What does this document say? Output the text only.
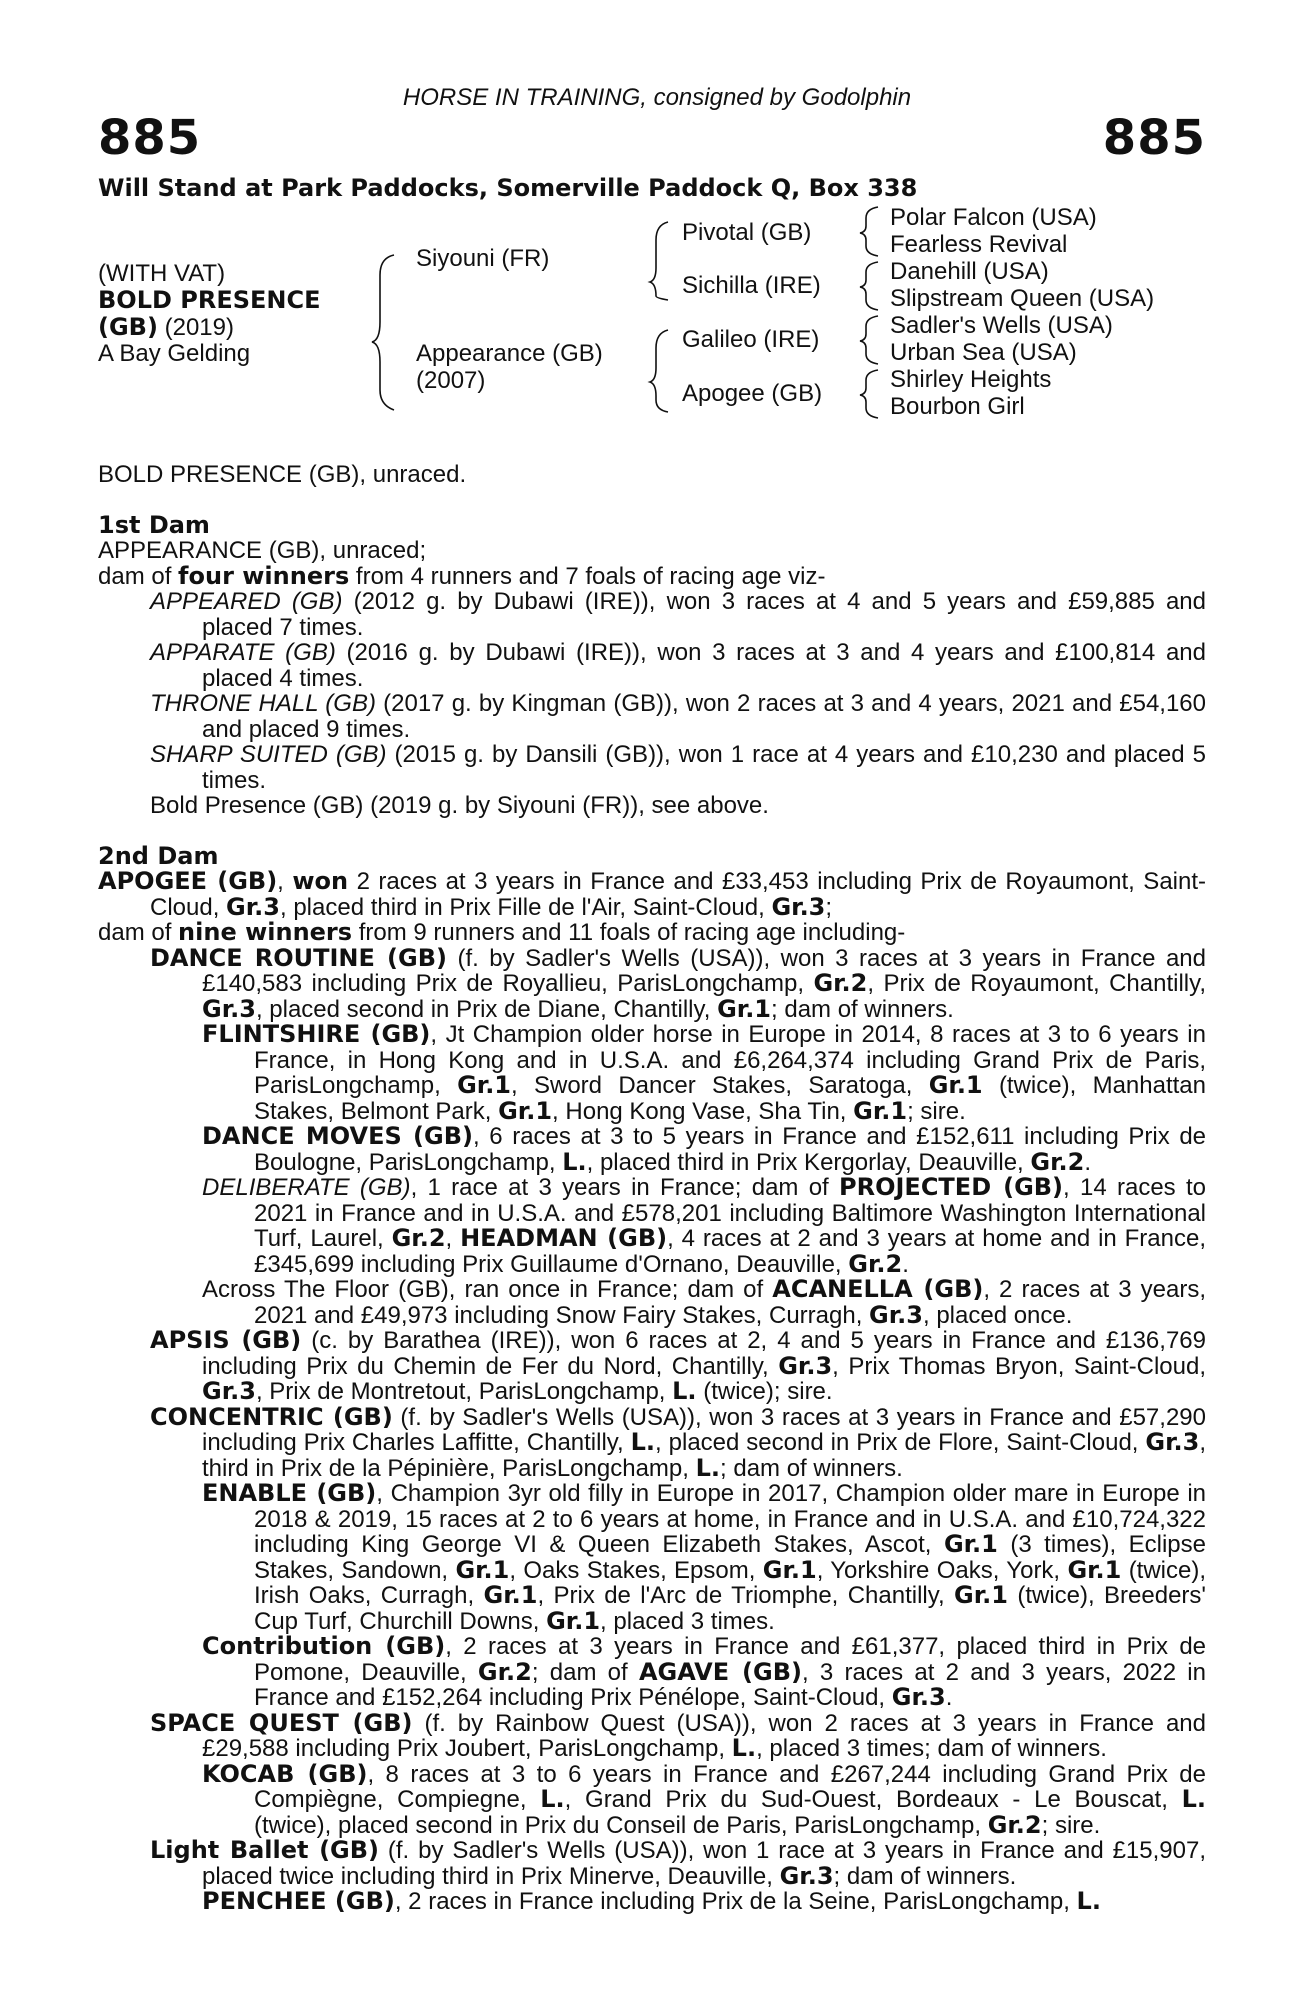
HORSE IN TRAINING, consigned by Godolphin
885	885
Will Stand at Park Paddocks, Somerville Paddock Q, Box 338
(WITH VAT)
BOLD PRESENCE
(GB) (2019)
A Bay Gelding
Siyouni (FR)
Appearance (GB)
(2007)
Pivotal (GB)
Sichilla (IRE)
Galileo (IRE)
Apogee (GB)
Polar Falcon (USA)
Fearless Revival
Danehill (USA)
Slipstream Queen (USA)
Sadler's Wells (USA)
Urban Sea (USA)
Shirley Heights
Bourbon Girl

BOLD PRESENCE (GB), unraced.

1st Dam

APPEARANCE (GB), unraced;

dam of four winners from 4 runners and 7 foals of racing age viz-

APPEARED (GB) (2012 g. by Dubawi (IRE)), won 3 races at 4 and 5 years and £59,885 and placed 7 times.

APPARATE (GB) (2016 g. by Dubawi (IRE)), won 3 races at 3 and 4 years and £100,814 and placed 4 times.

THRONE HALL (GB) (2017 g. by Kingman (GB)), won 2 races at 3 and 4 years, 2021 and £54,160 and placed 9 times.

SHARP SUITED (GB) (2015 g. by Dansili (GB)), won 1 race at 4 years and £10,230 and placed 5 times.

Bold Presence (GB) (2019 g. by Siyouni (FR)), see above.

2nd Dam

APOGEE (GB), won 2 races at 3 years in France and £33,453 including Prix de Royaumont, Saint-Cloud, Gr.3, placed third in Prix Fille de l'Air, Saint-Cloud, Gr.3;

dam of nine winners from 9 runners and 11 foals of racing age including-

DANCE ROUTINE (GB) (f. by Sadler's Wells (USA)), won 3 races at 3 years in France and £140,583 including Prix de Royallieu, ParisLongchamp, Gr.2, Prix de Royaumont, Chantilly, Gr.3, placed second in Prix de Diane, Chantilly, Gr.1; dam of winners.

FLINTSHIRE (GB), Jt Champion older horse in Europe in 2014, 8 races at 3 to 6 years in France, in Hong Kong and in U.S.A. and £6,264,374 including Grand Prix de Paris, ParisLongchamp, Gr.1, Sword Dancer Stakes, Saratoga, Gr.1 (twice), Manhattan Stakes, Belmont Park, Gr.1, Hong Kong Vase, Sha Tin, Gr.1; sire.

DANCE MOVES (GB), 6 races at 3 to 5 years in France and £152,611 including Prix de Boulogne, ParisLongchamp, L., placed third in Prix Kergorlay, Deauville, Gr.2.

DELIBERATE (GB), 1 race at 3 years in France; dam of PROJECTED (GB), 14 races to 2021 in France and in U.S.A. and £578,201 including Baltimore Washington International Turf, Laurel, Gr.2, HEADMAN (GB), 4 races at 2 and 3 years at home and in France, £345,699 including Prix Guillaume d'Ornano, Deauville, Gr.2.

Across The Floor (GB), ran once in France; dam of ACANELLA (GB), 2 races at 3 years, 2021 and £49,973 including Snow Fairy Stakes, Curragh, Gr.3, placed once.

APSIS (GB) (c. by Barathea (IRE)), won 6 races at 2, 4 and 5 years in France and £136,769 including Prix du Chemin de Fer du Nord, Chantilly, Gr.3, Prix Thomas Bryon, Saint-Cloud, Gr.3, Prix de Montretout, ParisLongchamp, L. (twice); sire.

CONCENTRIC (GB) (f. by Sadler's Wells (USA)), won 3 races at 3 years in France and £57,290 including Prix Charles Laffitte, Chantilly, L., placed second in Prix de Flore, Saint-Cloud, Gr.3, third in Prix de la Pépinière, ParisLongchamp, L.; dam of winners.

ENABLE (GB), Champion 3yr old filly in Europe in 2017, Champion older mare in Europe in 2018 & 2019, 15 races at 2 to 6 years at home, in France and in U.S.A. and £10,724,322 including King George VI & Queen Elizabeth Stakes, Ascot, Gr.1 (3 times), Eclipse Stakes, Sandown, Gr.1, Oaks Stakes, Epsom, Gr.1, Yorkshire Oaks, York, Gr.1 (twice), Irish Oaks, Curragh, Gr.1, Prix de l'Arc de Triomphe, Chantilly, Gr.1 (twice), Breeders' Cup Turf, Churchill Downs, Gr.1, placed 3 times.

Contribution (GB), 2 races at 3 years in France and £61,377, placed third in Prix de Pomone, Deauville, Gr.2; dam of AGAVE (GB), 3 races at 2 and 3 years, 2022 in France and £152,264 including Prix Pénélope, Saint-Cloud, Gr.3.

SPACE QUEST (GB) (f. by Rainbow Quest (USA)), won 2 races at 3 years in France and £29,588 including Prix Joubert, ParisLongchamp, L., placed 3 times; dam of winners.

KOCAB (GB), 8 races at 3 to 6 years in France and £267,244 including Grand Prix de Compiègne, Compiegne, L., Grand Prix du Sud-Ouest, Bordeaux - Le Bouscat, L. (twice), placed second in Prix du Conseil de Paris, ParisLongchamp, Gr.2; sire.

Light Ballet (GB) (f. by Sadler's Wells (USA)), won 1 race at 3 years in France and £15,907, placed twice including third in Prix Minerve, Deauville, Gr.3; dam of winners.

PENCHEE (GB), 2 races in France including Prix de la Seine, ParisLongchamp, L.
